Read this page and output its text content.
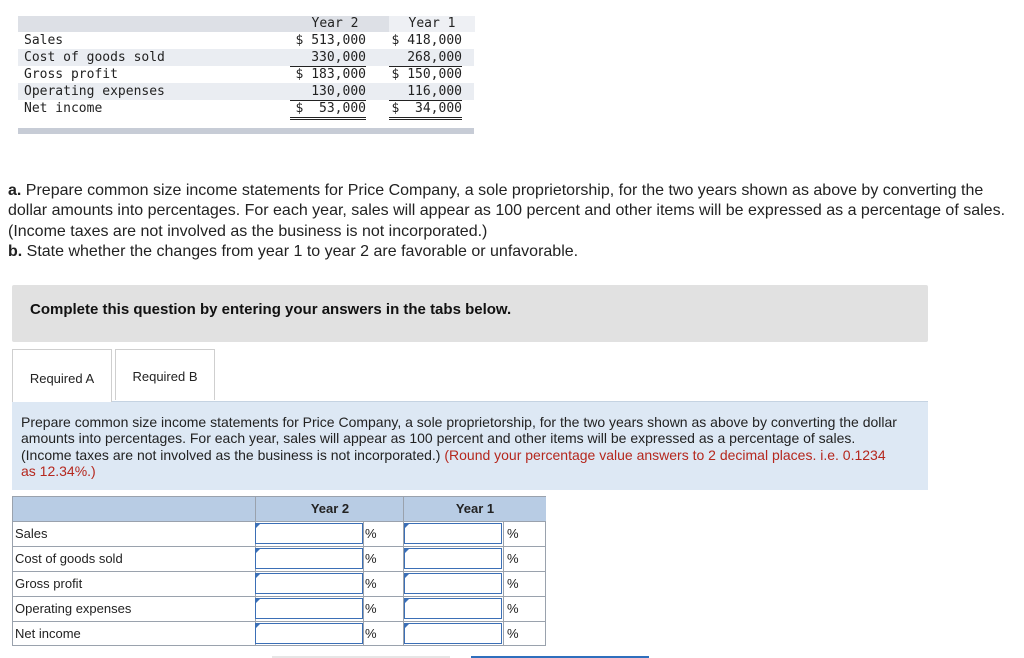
Year 2	Year 1
Sales	$ 513,000 $ 418,000
Cost of goods sold	330,000	268,000
Gross profit	$ 183,000 $ 150,000
Operating expenses	130,000	116,000
Net income	$  53,000 $  34,000
a. Prepare common size income statements for Price Company, a sole proprietorship, for the two years shown as above by converting the dollar amounts into percentages. For each year, sales will appear as 100 percent and other items will be expressed as a percentage of sales. (Income taxes are not involved as the business is not incorporated.)
b. State whether the changes from year 1 to year 2 are favorable or unfavorable.
Complete this question by entering your answers in the tabs below.
Required A	Required B

Prepare common size income statements for Price Company, a sole proprietorship, for the two years shown as above by converting the dollar amounts into percentages. For each year, sales will appear as 100 percent and other items will be expressed as a percentage of sales. (Income taxes are not involved as the business is not incorporated.) (Round your percentage value answers to 2 decimal places. i.e. 0.1234 as 12.34%.)

Year 2	Year 1
Sales	%	%
Cost of goods sold	%	%
Gross profit	%	%
Operating expenses	%	%
Net income	%	%
